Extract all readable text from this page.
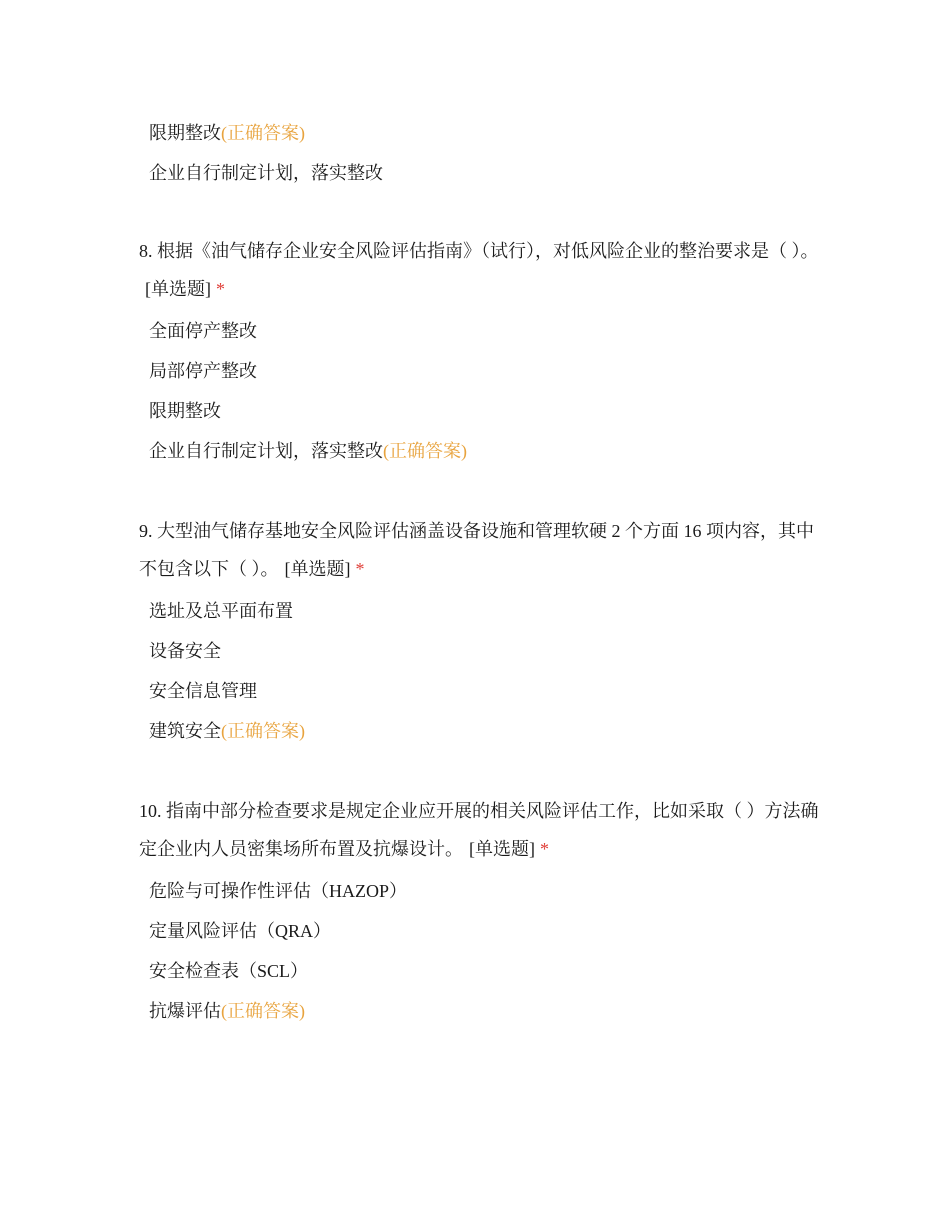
限期整改(正确答案)
企业自行制定计划，落实整改

8. 根据《油气储存企业安全风险评估指南》（试行），对低风险企业的整治要求是（ ）。[单选题] *

全面停产整改
局部停产整改
限期整改
企业自行制定计划，落实整改(正确答案)

9. 大型油气储存基地安全风险评估涵盖设备设施和管理软硬 2 个方面 16 项内容，其中不包含以下（ ）。 [单选题] *

选址及总平面布置
设备安全
安全信息管理
建筑安全(正确答案)

10. 指南中部分检查要求是规定企业应开展的相关风险评估工作，比如采取（ ）方法确定企业内人员密集场所布置及抗爆设计。 [单选题] *

危险与可操作性评估（HAZOP）
定量风险评估（QRA）
安全检查表（SCL）
抗爆评估(正确答案)
